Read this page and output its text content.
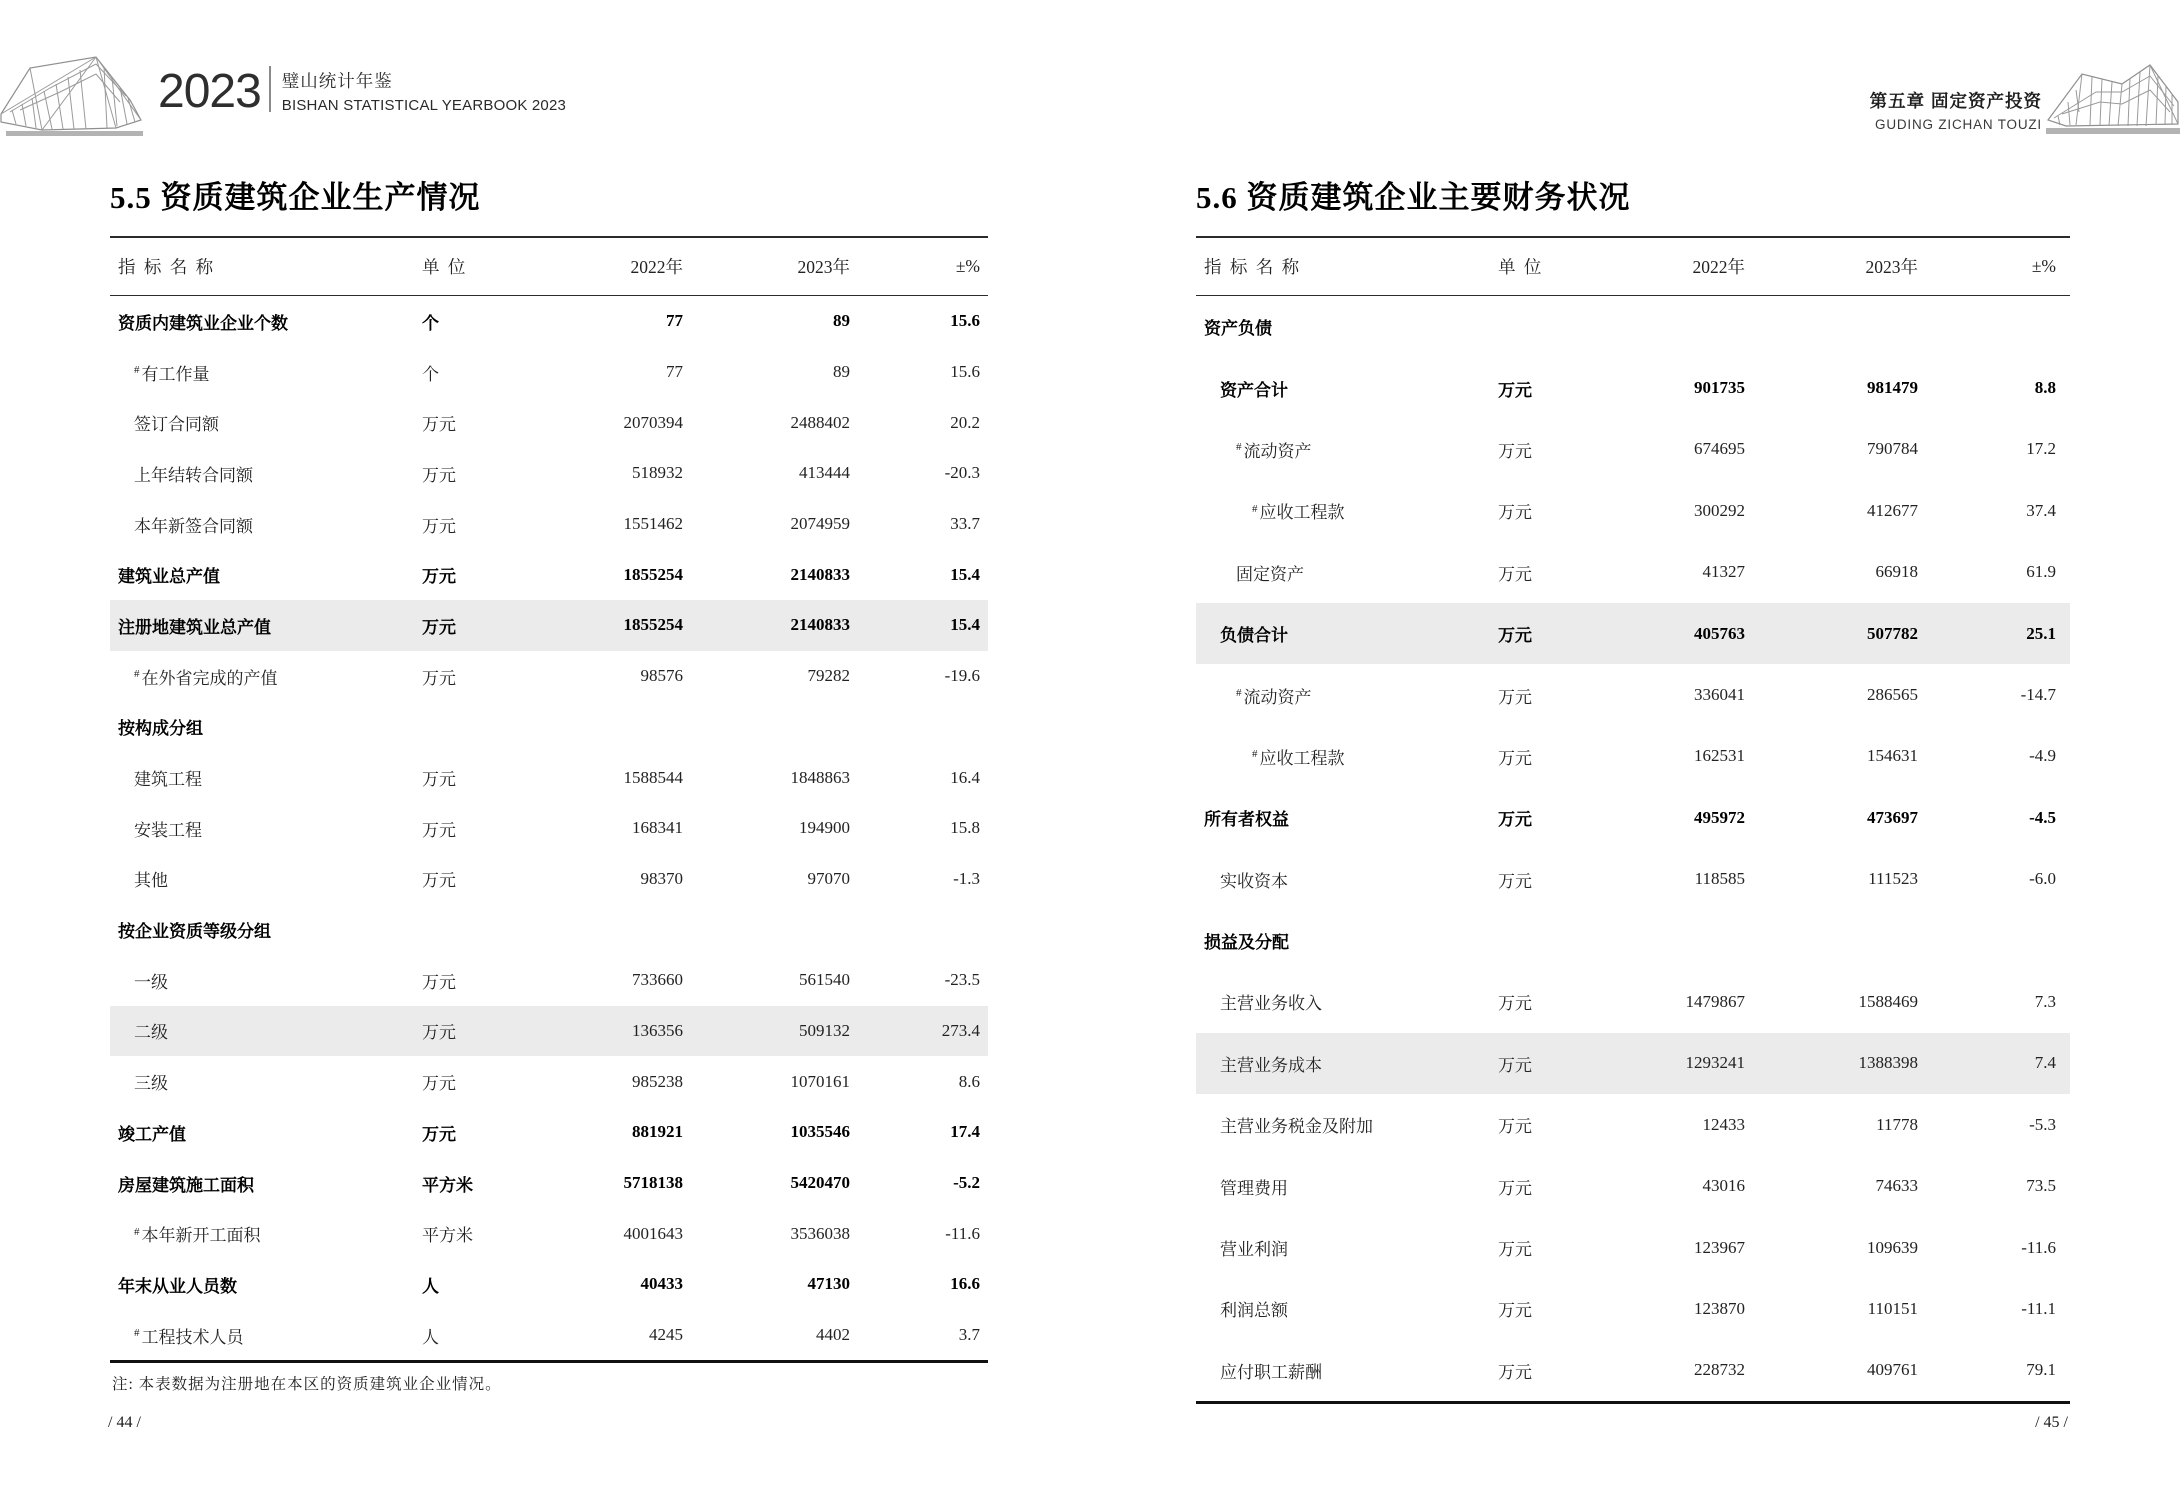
2023 璧山统计年鉴
BISHAN STATISTICAL YEARBOOK 2023	第五章 固定资产投资
GUDING ZICHAN TOUZI
5.5 资质建筑企业生产情况	5.6 资质建筑企业主要财务状况
指 标 名 称	单 位	2022年	2023年	±%
资质内建筑业企业个数	个	77	89	15.6
# 有工作量	个	77	89	15.6
签订合同额	万元	2070394	2488402	20.2
上年结转合同额	万元	518932	413444	-20.3
本年新签合同额	万元	1551462	2074959	33.7
建筑业总产值	万元	1855254	2140833	15.4
注册地建筑业总产值	万元	1855254	2140833	15.4
# 在外省完成的产值	万元	98576	79282	-19.6
按构成分组
建筑工程	万元	1588544	1848863	16.4
安装工程	万元	168341	194900	15.8
其他	万元	98370	97070	-1.3
按企业资质等级分组
一级	万元	733660	561540	-23.5
二级	万元	136356	509132	273.4
三级	万元	985238	1070161	8.6
竣工产值	万元	881921	1035546	17.4
房屋建筑施工面积	平方米	5718138	5420470	-5.2
# 本年新开工面积	平方米	4001643	3536038	-11.6
年末从业人员数	人	40433	47130	16.6
# 工程技术人员	人	4245	4402	3.7
指 标 名 称	单 位	2022年	2023年	±%
资产负债
资产合计	万元	901735	981479	8.8
# 流动资产	万元	674695	790784	17.2
# 应收工程款	万元	300292	412677	37.4
固定资产	万元	41327	66918	61.9
负债合计	万元	405763	507782	25.1
# 流动资产	万元	336041	286565	-14.7
# 应收工程款	万元	162531	154631	-4.9
所有者权益	万元	495972	473697	-4.5
实收资本	万元	118585	111523	-6.0
损益及分配
主营业务收入	万元	1479867	1588469	7.3
主营业务成本	万元	1293241	1388398	7.4
主营业务税金及附加	万元	12433	11778	-5.3
管理费用	万元	43016	74633	73.5
营业利润	万元	123967	109639	-11.6
利润总额	万元	123870	110151	-11.1
应付职工薪酬	万元	228732	409761	79.1
注: 本表数据为注册地在本区的资质建筑业企业情况。
/ 44 /	/ 45 /
